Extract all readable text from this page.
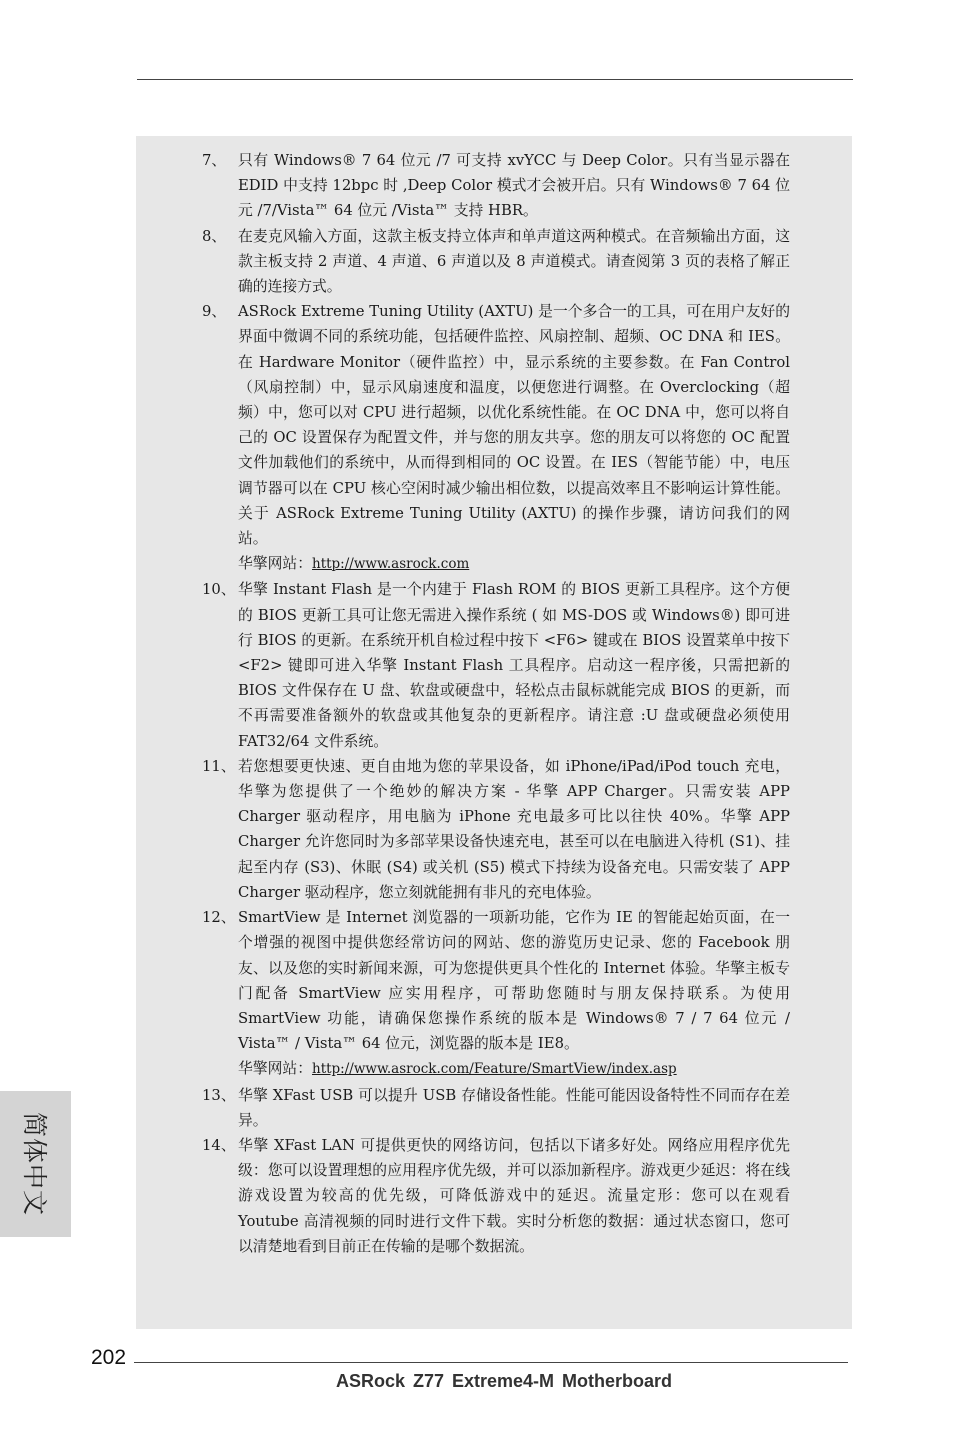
7、 只有 Windows® 7 64 位元 /7 可支持 xvYCC 与 Deep Color。只有当显示器在 EDID 中支持 12bpc 时 ,Deep Color 模式才会被开启。只有 Windows® 7 64 位元 /7/Vista™ 64 位元 /Vista™ 支持 HBR。
8、 在麦克风输入方面，这款主板支持立体声和单声道这两种模式。在音频输出方面，这款主板支持 2 声道、4 声道、6 声道以及 8 声道模式。请查阅第 3 页的表格了解正确的连接方式。
9、 ASRock Extreme Tuning Utility (AXTU) 是一个多合一的工具，可在用户友好的界面中微调不同的系统功能，包括硬件监控、风扇控制、超频、OC DNA 和 IES。在 Hardware Monitor（硬件监控）中，显示系统的主要参数。在 Fan Control（风扇控制）中，显示风扇速度和温度，以便您进行调整。在 Overclocking（超频）中，您可以对 CPU 进行超频，以优化系统性能。在 OC DNA 中，您可以将自己的 OC 设置保存为配置文件，并与您的朋友共享。您的朋友可以将您的 OC 配置文件加载他们的系统中，从而得到相同的 OC 设置。在 IES（智能节能）中，电压调节器可以在 CPU 核心空闲时减少输出相位数，以提高效率且不影响运计算性能。关于 ASRock Extreme Tuning Utility (AXTU) 的操作步骤，请访问我们的网站。
华擎网站：http://www.asrock.com
10、 华擎 Instant Flash 是一个内建于 Flash ROM 的 BIOS 更新工具程序。这个方便的 BIOS 更新工具可让您无需进入操作系统 ( 如 MS-DOS 或 Windows®) 即可进行 BIOS 的更新。在系统开机自检过程中按下 <F6> 键或在 BIOS 设置菜单中按下 <F2> 键即可进入华擎 Instant Flash 工具程序。启动这一程序後，只需把新的 BIOS 文件保存在 U 盘、软盘或硬盘中，轻松点击鼠标就能完成 BIOS 的更新，而不再需要准备额外的软盘或其他复杂的更新程序。请注意 :U 盘或硬盘必须使用 FAT32/64 文件系统。
11、 若您想要更快速、更自由地为您的苹果设备，如 iPhone/iPad/iPod touch 充电，华擎为您提供了一个绝妙的解决方案 - 华擎 APP Charger。只需安装 APP Charger 驱动程序，用电脑为 iPhone 充电最多可比以往快 40%。华擎 APP Charger 允许您同时为多部苹果设备快速充电，甚至可以在电脑进入待机 (S1)、挂起至内存 (S3)、休眠 (S4) 或关机 (S5) 模式下持续为设备充电。只需安装了 APP Charger 驱动程序，您立刻就能拥有非凡的充电体验。
12、 SmartView 是 Internet 浏览器的一项新功能，它作为 IE 的智能起始页面，在一个增强的视图中提供您经常访问的网站、您的游览历史记录、您的 Facebook 朋友、以及您的实时新闻来源，可为您提供更具个性化的 Internet 体验。华擎主板专门配备 SmartView 应实用程序，可帮助您随时与朋友保持联系。为使用 SmartView 功能，请确保您操作系统的版本是 Windows® 7 / 7 64 位元 / Vista™ / Vista™ 64 位元，浏览器的版本是 IE8。
华擎网站：http://www.asrock.com/Feature/SmartView/index.asp
13、 华擎 XFast USB 可以提升 USB 存储设备性能。性能可能因设备特性不同而存在差异。
14、 华擎 XFast LAN 可提供更快的网络访问，包括以下诸多好处。网络应用程序优先级：您可以设置理想的应用程序优先级，并可以添加新程序。游戏更少延迟：将在线游戏设置为较高的优先级，可降低游戏中的延迟。流量定形：您可以在观看 Youtube 高清视频的同时进行文件下载。实时分析您的数据：通过状态窗口，您可以清楚地看到目前正在传输的是哪个数据流。
简体中文
202
ASRock Z77 Extreme4-M Motherboard
